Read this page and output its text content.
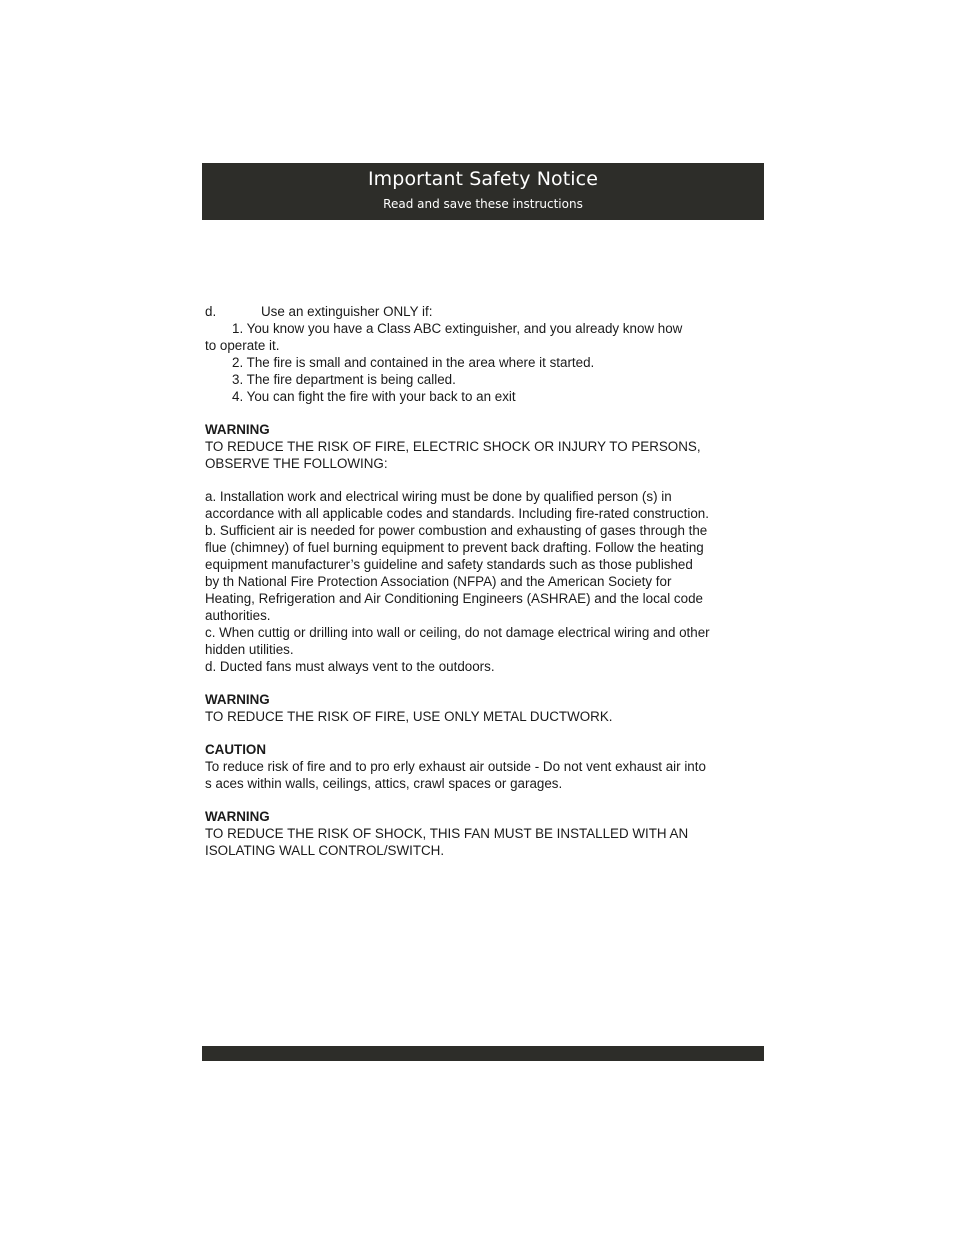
Important Safety Notice
Read and save these instructions
d.	Use an extinguisher ONLY if:
1. You know you have a Class ABC extinguisher, and you already know how
to operate it.
2. The fire is small and contained in the area where it started.
3. The fire department is being called.
4. You can fight the fire with your back to an exit
WARNING
TO REDUCE THE RISK OF FIRE, ELECTRIC SHOCK OR INJURY TO PERSONS,
OBSERVE THE FOLLOWING:
a. Installation work and electrical wiring must be done by qualified person (s) in
accordance with all applicable codes and standards. Including fire-rated construction.
b. Sufficient air is needed for power combustion and exhausting of gases through the
flue (chimney) of fuel burning equipment to prevent back drafting. Follow the heating
equipment manufacturer’s guideline and safety standards such as those published
by th National Fire Protection Association (NFPA) and the American Society for
Heating, Refrigeration and Air Conditioning Engineers (ASHRAE) and the local code
authorities.
c. When cuttig or drilling into wall or ceiling, do not damage electrical wiring and other
hidden utilities.
d. Ducted fans must always vent to the outdoors.
WARNING
TO REDUCE THE RISK OF FIRE, USE ONLY METAL DUCTWORK.
CAUTION
To reduce risk of fire and to pro erly exhaust air outside - Do not vent exhaust air into
s aces within walls, ceilings, attics, crawl spaces or garages.
WARNING
TO REDUCE THE RISK OF SHOCK, THIS FAN MUST BE INSTALLED WITH AN
ISOLATING WALL CONTROL/SWITCH.
